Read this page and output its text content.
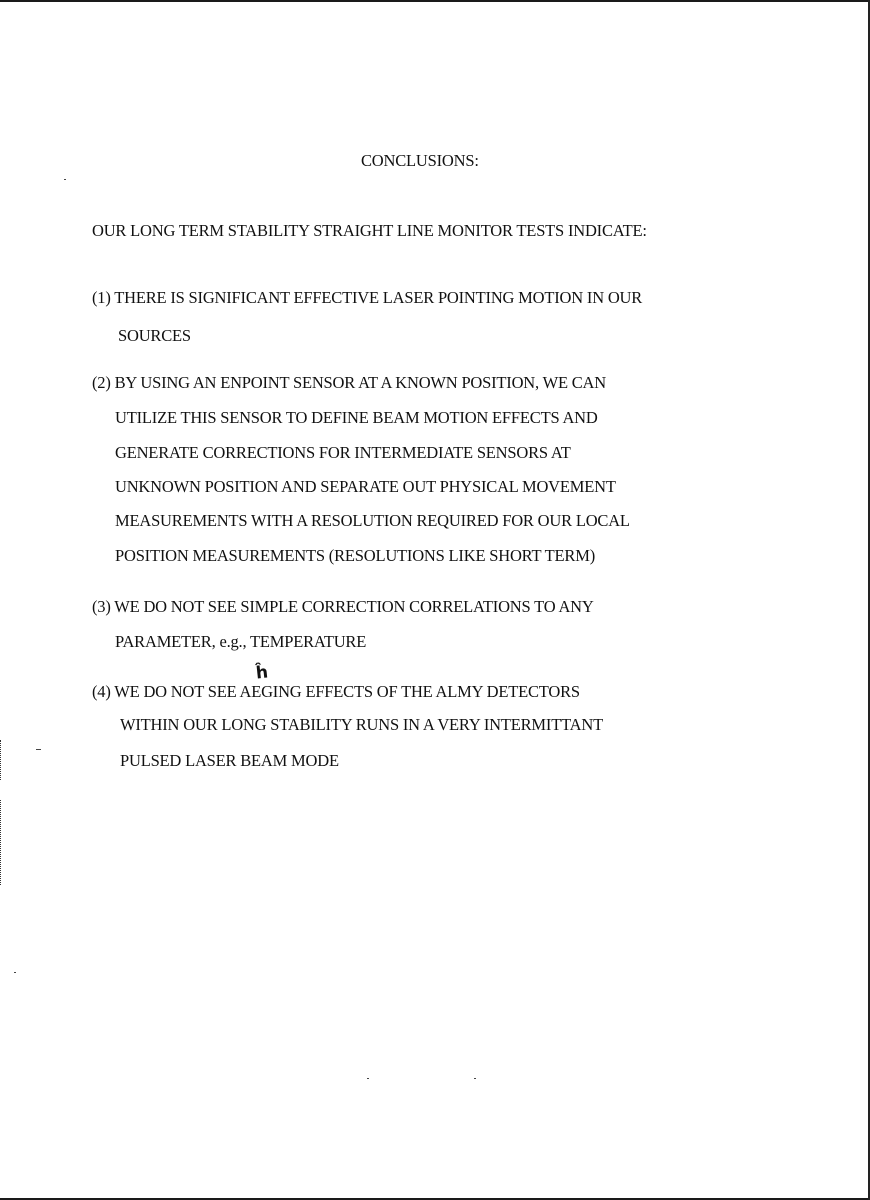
CONCLUSIONS:
OUR LONG TERM STABILITY STRAIGHT LINE MONITOR TESTS INDICATE:
(1) THERE IS SIGNIFICANT EFFECTIVE LASER POINTING MOTION IN OUR
SOURCES
(2) BY USING AN ENPOINT SENSOR AT A KNOWN POSITION, WE CAN
UTILIZE THIS SENSOR TO DEFINE BEAM MOTION EFFECTS AND
GENERATE CORRECTIONS FOR INTERMEDIATE SENSORS AT
UNKNOWN POSITION AND SEPARATE OUT PHYSICAL MOVEMENT
MEASUREMENTS WITH A RESOLUTION REQUIRED FOR OUR LOCAL
POSITION MEASUREMENTS (RESOLUTIONS LIKE SHORT TERM)
(3) WE DO NOT SEE SIMPLE CORRECTION CORRELATIONS TO ANY
PARAMETER, e.g., TEMPERATURE
ĥ
(4) WE DO NOT SEE AEGING EFFECTS OF THE ALMY DETECTORS
WITHIN OUR LONG STABILITY RUNS IN A VERY INTERMITTANT
PULSED LASER BEAM MODE
